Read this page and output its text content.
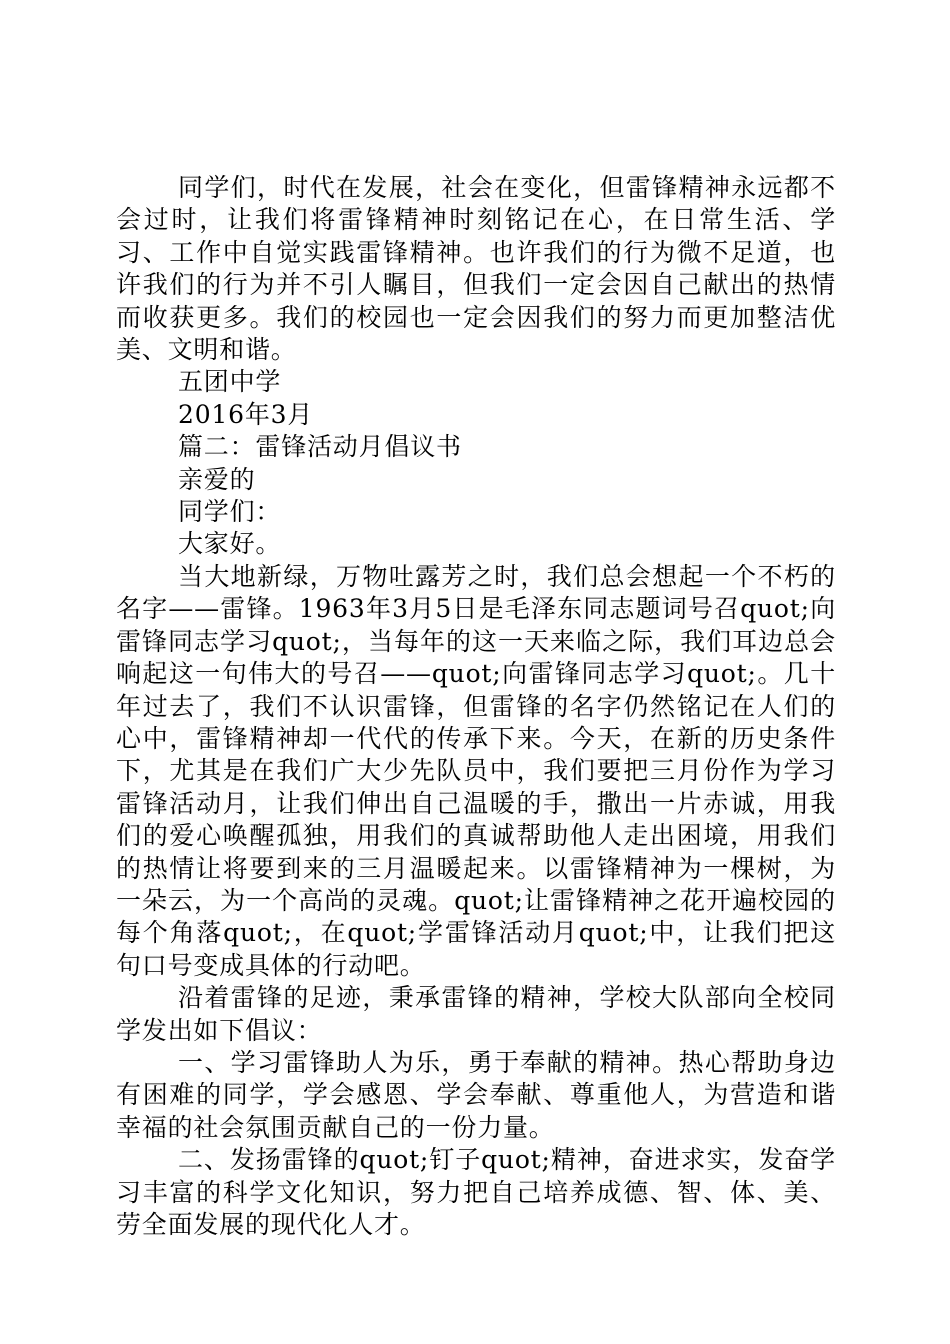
同学们，时代在发展，社会在变化，但雷锋精神永远都不会过时，让我们将雷锋精神时刻铭记在心，在日常生活、学习、工作中自觉实践雷锋精神。也许我们的行为微不足道，也许我们的行为并不引人瞩目，但我们一定会因自己献出的热情而收获更多。我们的校园也一定会因我们的努力而更加整洁优美、文明和谐。

五团中学

2016年3月

篇二：雷锋活动月倡议书

亲爱的

同学们：

大家好。

当大地新绿，万物吐露芳之时，我们总会想起一个不朽的名字——雷锋。1963年3月5日是毛泽东同志题词号召quot;向雷锋同志学习quot;，当每年的这一天来临之际，我们耳边总会响起这一句伟大的号召——quot;向雷锋同志学习quot;。几十年过去了，我们不认识雷锋，但雷锋的名字仍然铭记在人们的心中，雷锋精神却一代代的传承下来。今天，在新的历史条件下，尤其是在我们广大少先队员中，我们要把三月份作为学习雷锋活动月，让我们伸出自己温暖的手，撒出一片赤诚，用我们的爱心唤醒孤独，用我们的真诚帮助他人走出困境，用我们的热情让将要到来的三月温暖起来。以雷锋精神为一棵树，为一朵云，为一个高尚的灵魂。quot;让雷锋精神之花开遍校园的每个角落quot;，在quot;学雷锋活动月quot;中，让我们把这句口号变成具体的行动吧。

沿着雷锋的足迹，秉承雷锋的精神，学校大队部向全校同学发出如下倡议：

一、学习雷锋助人为乐，勇于奉献的精神。热心帮助身边有困难的同学，学会感恩、学会奉献、尊重他人，为营造和谐幸福的社会氛围贡献自己的一份力量。

二、发扬雷锋的quot;钉子quot;精神，奋进求实，发奋学习丰富的科学文化知识，努力把自己培养成德、智、体、美、劳全面发展的现代化人才。
